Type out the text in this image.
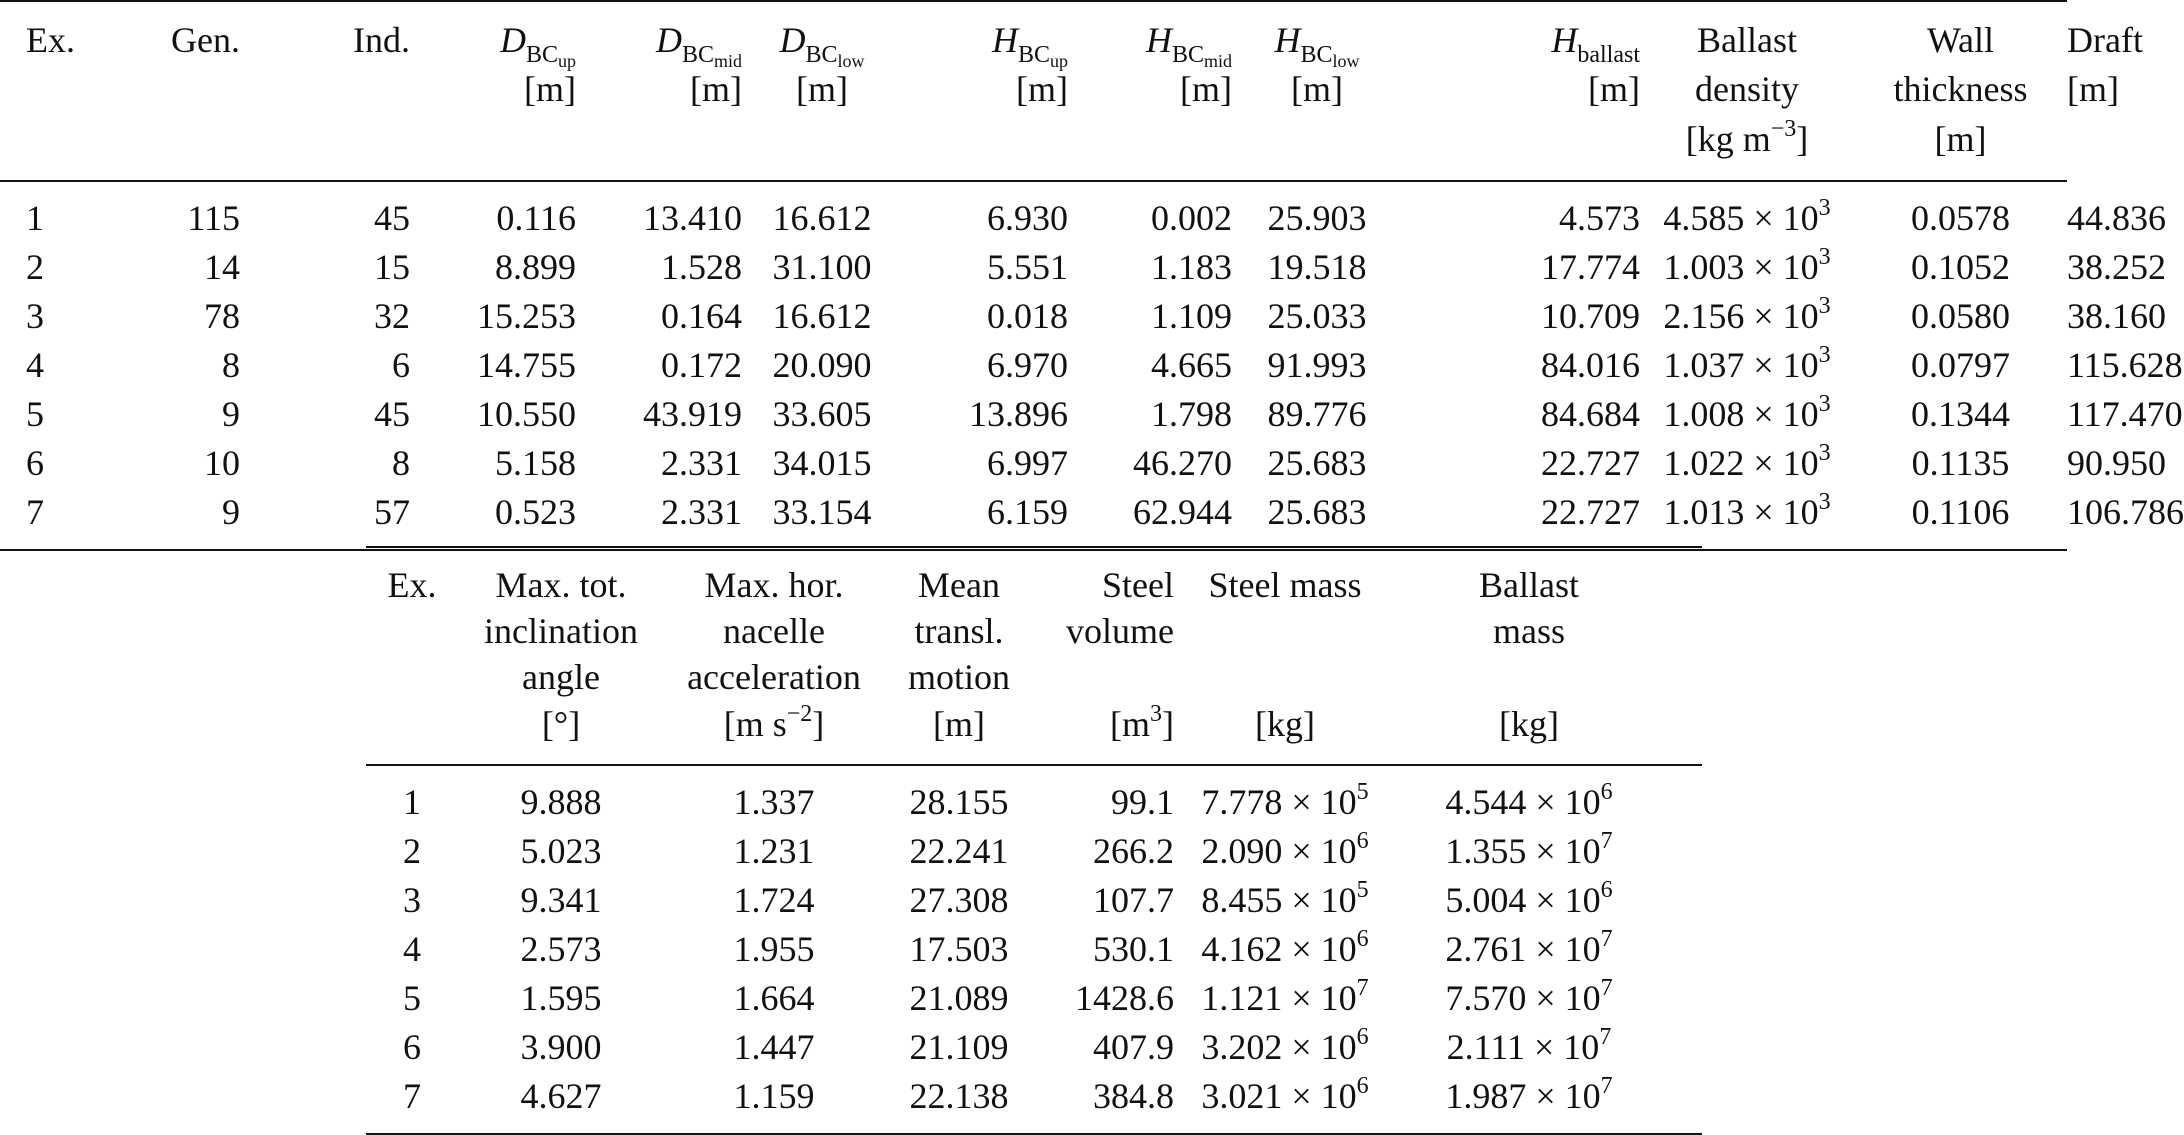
	Ex.	Gen.	Ind.	$D_{BC_{up}}$	$D_{BC_{mid}}$	$D_{BC_{low}}$	$H_{BC_{up}}$	$H_{BC_{mid}}$	$H_{BC_{low}}$	$H_{ballast}$	Ballast	Wall	Draft
				[m]	[m]	[m]	[m]	[m]	[m]	[m]	density	thickness	[m]
											[kg $m^{-3}$]	[m]	
	1	115	45	0.116	13.410	16.612	6.930	0.002	25.903	4.573	$4.585 \times 10^3$	0.0578	44.836
	2	14	15	8.899	1.528	31.100	5.551	1.183	19.518	17.774	$1.003 \times 10^3$	0.1052	38.252
	3	78	32	15.253	0.164	16.612	0.018	1.109	25.033	10.709	$2.156 \times 10^3$	0.0580	38.160
	4	8	6	14.755	0.172	20.090	6.970	4.665	91.993	84.016	$1.037 \times 10^3$	0.0797	115.628
	5	9	45	10.550	43.919	33.605	13.896	1.798	89.776	84.684	$1.008 \times 10^3$	0.1344	117.470
	6	10	8	5.158	2.331	34.015	6.997	46.270	25.683	22.727	$1.022 \times 10^3$	0.1135	90.950
	7	9	57	0.523	2.331	33.154	6.159	62.944	25.683	22.727	$1.013 \times 10^3$	0.1106	106.786
Ex.	Max. tot.	Max. hor.	Mean	Steel	Steel mass	Ballast
	inclination	nacelle	transl.	volume		mass
	angle	acceleration	motion			
	[°]	[m $s^{-2}$]	[m]	$[m^3]$	[kg]	[kg]
1	9.888	1.337	28.155	99.1	$7.778 \times 10^5$	$4.544 \times 10^6$
2	5.023	1.231	22.241	266.2	$2.090 \times 10^6$	$1.355 \times 10^7$
3	9.341	1.724	27.308	107.7	$8.455 \times 10^5$	$5.004 \times 10^6$
4	2.573	1.955	17.503	530.1	$4.162 \times 10^6$	$2.761 \times 10^7$
5	1.595	1.664	21.089	1428.6	$1.121 \times 10^7$	$7.570 \times 10^7$
6	3.900	1.447	21.109	407.9	$3.202 \times 10^6$	$2.111 \times 10^7$
7	4.627	1.159	22.138	384.8	$3.021 \times 10^6$	$1.987 \times 10^7$
